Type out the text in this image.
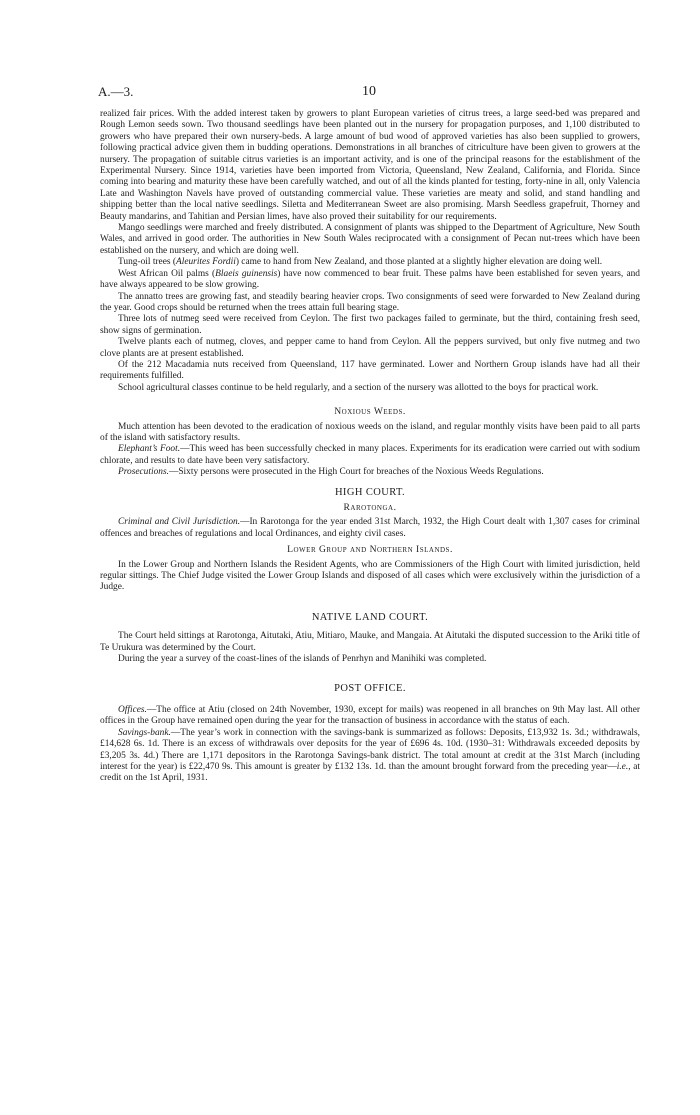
A.—3.	10

realized fair prices. With the added interest taken by growers to plant European varieties of citrus trees, a large seed-bed was prepared and Rough Lemon seeds sown. Two thousand seedlings have been planted out in the nursery for propagation purposes, and 1,100 distributed to growers who have prepared their own nursery-beds. A large amount of bud wood of approved varieties has also been supplied to growers, following practical advice given them in budding operations. Demonstrations in all branches of citriculture have been given to growers at the nursery. The propagation of suitable citrus varieties is an important activity, and is one of the principal reasons for the establishment of the Experimental Nursery. Since 1914, varieties have been imported from Victoria, Queensland, New Zealand, California, and Florida. Since coming into bearing and maturity these have been carefully watched, and out of all the kinds planted for testing, forty-nine in all, only Valencia Late and Washington Navels have proved of outstanding commercial value. These varieties are meaty and solid, and stand handling and shipping better than the local native seedlings. Siletta and Mediterranean Sweet are also promising. Marsh Seedless grapefruit, Thorney and Beauty mandarins, and Tahitian and Persian limes, have also proved their suitability for our requirements.

Mango seedlings were marched and freely distributed. A consignment of plants was shipped to the Department of Agriculture, New South Wales, and arrived in good order. The authorities in New South Wales reciprocated with a consignment of Pecan nut-trees which have been established on the nursery, and which are doing well.

Tung-oil trees (Aleurites Fordii) came to hand from New Zealand, and those planted at a slightly higher elevation are doing well.

West African Oil palms (Blaeis guinensis) have now commenced to bear fruit. These palms have been established for seven years, and have always appeared to be slow growing.

The annatto trees are growing fast, and steadily bearing heavier crops. Two consignments of seed were forwarded to New Zealand during the year. Good crops should be returned when the trees attain full bearing stage.

Three lots of nutmeg seed were received from Ceylon. The first two packages failed to germinate, but the third, containing fresh seed, show signs of germination.

Twelve plants each of nutmeg, cloves, and pepper came to hand from Ceylon. All the peppers survived, but only five nutmeg and two clove plants are at present established.

Of the 212 Macadamia nuts received from Queensland, 117 have germinated. Lower and Northern Group islands have had all their requirements fulfilled.

School agricultural classes continue to be held regularly, and a section of the nursery was allotted to the boys for practical work.

Noxious Weeds.

Much attention has been devoted to the eradication of noxious weeds on the island, and regular monthly visits have been paid to all parts of the island with satisfactory results.

Elephant’s Foot.—This weed has been successfully checked in many places. Experiments for its eradication were carried out with sodium chlorate, and results to date have been very satisfactory.

Prosecutions.—Sixty persons were prosecuted in the High Court for breaches of the Noxious Weeds Regulations.

HIGH COURT.
Rarotonga.

Criminal and Civil Jurisdiction.—In Rarotonga for the year ended 31st March, 1932, the High Court dealt with 1,307 cases for criminal offences and breaches of regulations and local Ordinances, and eighty civil cases.

Lower Group and Northern Islands.

In the Lower Group and Northern Islands the Resident Agents, who are Commissioners of the High Court with limited jurisdiction, held regular sittings. The Chief Judge visited the Lower Group Islands and disposed of all cases which were exclusively within the jurisdiction of a Judge.

NATIVE LAND COURT.

The Court held sittings at Rarotonga, Aitutaki, Atiu, Mitiaro, Mauke, and Mangaia. At Aitutaki the disputed succession to the Ariki title of Te Urukura was determined by the Court.

During the year a survey of the coast-lines of the islands of Penrhyn and Manihiki was completed.

POST OFFICE.

Offices.—The office at Atiu (closed on 24th November, 1930, except for mails) was reopened in all branches on 9th May last. All other offices in the Group have remained open during the year for the transaction of business in accordance with the status of each.

Savings-bank.—The year’s work in connection with the savings-bank is summarized as follows: Deposits, £13,932 1s. 3d.; withdrawals, £14,628 6s. 1d. There is an excess of withdrawals over deposits for the year of £696 4s. 10d. (1930–31: Withdrawals exceeded deposits by £3,205 3s. 4d.) There are 1,171 depositors in the Rarotonga Savings-bank district. The total amount at credit at the 31st March (including interest for the year) is £22,470 9s. This amount is greater by £132 13s. 1d. than the amount brought forward from the preceding year—i.e., at credit on the 1st April, 1931.
